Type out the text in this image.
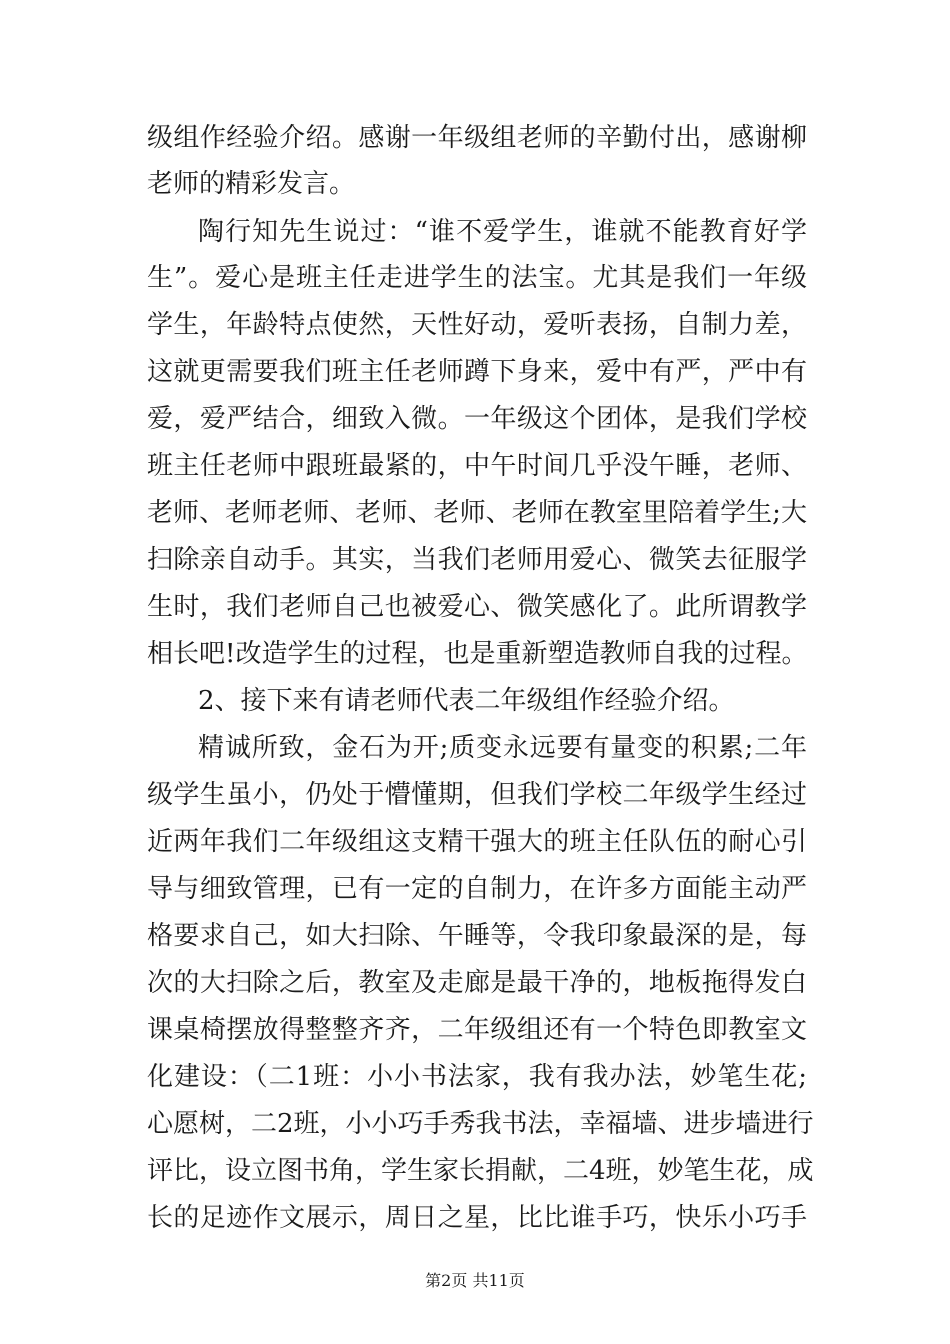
级组作经验介绍。感谢一年级组老师的辛勤付出，感谢柳
老师的精彩发言。
陶行知先生说过：“谁不爱学生，谁就不能教育好学
生”。爱心是班主任走进学生的法宝。尤其是我们一年级
学生，年龄特点使然，天性好动，爱听表扬，自制力差，
这就更需要我们班主任老师蹲下身来，爱中有严，严中有
爱，爱严结合，细致入微。一年级这个团体，是我们学校
班主任老师中跟班最紧的，中午时间几乎没午睡，老师、
老师、老师老师、老师、老师、老师在教室里陪着学生;大
扫除亲自动手。其实，当我们老师用爱心、微笑去征服学
生时，我们老师自己也被爱心、微笑感化了。此所谓教学
相长吧!改造学生的过程，也是重新塑造教师自我的过程。
2、接下来有请老师代表二年级组作经验介绍。
精诚所致，金石为开;质变永远要有量变的积累;二年
级学生虽小，仍处于懵懂期，但我们学校二年级学生经过
近两年我们二年级组这支精干强大的班主任队伍的耐心引
导与细致管理，已有一定的自制力，在许多方面能主动严
格要求自己，如大扫除、午睡等，令我印象最深的是，每
次的大扫除之后，教室及走廊是最干净的，地板拖得发白
课桌椅摆放得整整齐齐，二年级组还有一个特色即教室文
化建设：（二1班：小小书法家，我有我办法，妙笔生花;
心愿树，二2班，小小巧手秀我书法，幸福墙、进步墙进行
评比，设立图书角，学生家长捐献，二4班，妙笔生花，成
长的足迹作文展示，周日之星，比比谁手巧，快乐小巧手
第2页 共11页
